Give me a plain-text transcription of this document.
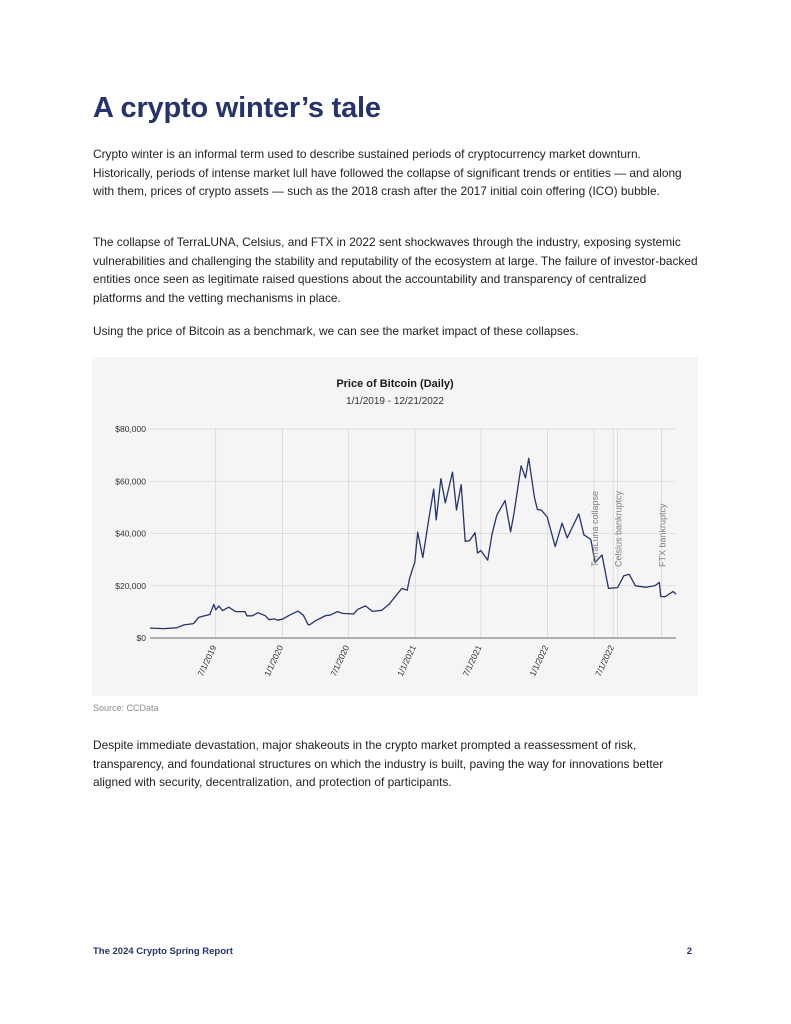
A crypto winter’s tale

Crypto winter is an informal term used to describe sustained periods of cryptocurrency market downturn. Historically, periods of intense market lull have followed the collapse of significant trends or entities — and along with them, prices of crypto assets — such as the 2018 crash after the 2017 initial coin offering (ICO) bubble.

The collapse of TerraLUNA, Celsius, and FTX in 2022 sent shockwaves through the industry, exposing systemic vulnerabilities and challenging the stability and reputability of the ecosystem at large. The failure of investor-backed entities once seen as legitimate raised questions about the accountability and transparency of centralized platforms and the vetting mechanisms in place.

Using the price of Bitcoin as a benchmark, we can see the market impact of these collapses.

TerraLuna collapse Celsius bankruptcy	FTX bankruptcy
$0
$20,000
$40,000
$60,000
$80,000
7/1/2019	1/1/2020	7/1/2020	1/1/2021	7/1/2021	1/1/2022	7/1/2022
Price of Bitcoin (Daily)
1/1/2019 - 12/21/2022

Source: CCData

Despite immediate devastation, major shakeouts in the crypto market prompted a reassessment of risk, transparency, and foundational structures on which the industry is built, paving the way for innovations better aligned with security, decentralization, and protection of participants.

The 2024 Crypto Spring Report	2
